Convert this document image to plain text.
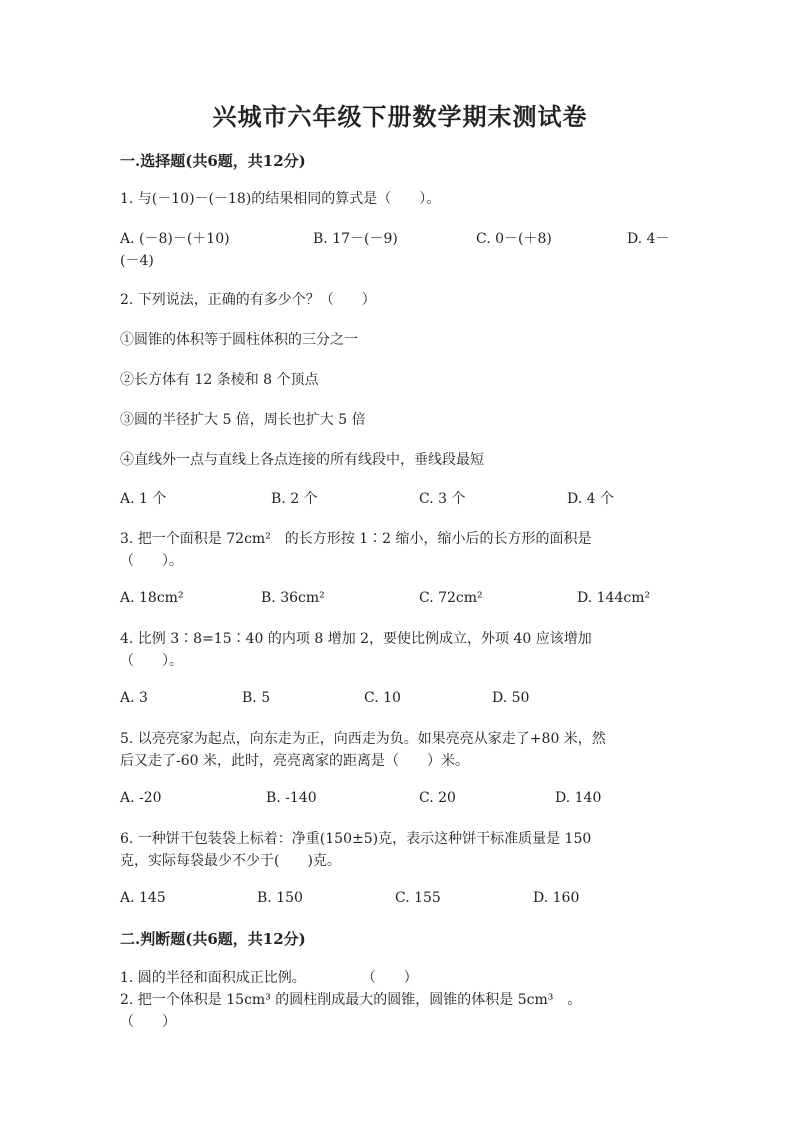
兴城市六年级下册数学期末测试卷
一.选择题(共6题，共12分)
1. 与(－10)－(－18)的结果相同的算式是（　　）。
A. (－8)－(＋10)	B. 17－(－9)	C. 0－(＋8)	D. 4－
(－4)
2. 下列说法，正确的有多少个？（　　）
①圆锥的体积等于圆柱体积的三分之一
②长方体有 12 条棱和 8 个顶点
③圆的半径扩大 5 倍，周长也扩大 5 倍
④直线外一点与直线上各点连接的所有线段中，垂线段最短
A. 1 个	B. 2 个	C. 3 个	D. 4 个
3. 把一个面积是 72cm²　的长方形按 1∶2 缩小，缩小后的长方形的面积是
（　　）。
A. 18cm²	B. 36cm²	C. 72cm²	D. 144cm²
4. 比例 3∶8=15∶40 的内项 8 增加 2，要使比例成立，外项 40 应该增加
（　　）。
A. 3	B. 5	C. 10	D. 50
5. 以亮亮家为起点，向东走为正，向西走为负。如果亮亮从家走了+80 米，然
后又走了-60 米，此时，亮亮离家的距离是（　　）米。
A. -20	B. -140	C. 20	D. 140
6. 一种饼干包装袋上标着：净重(150±5)克，表示这种饼干标准质量是 150
克，实际每袋最少不少于(　　)克。
A. 145	B. 150	C. 155	D. 160
二.判断题(共6题，共12分)
1. 圆的半径和面积成正比例。　　　　　（　　）
2. 把一个体积是 15cm³ 的圆柱削成最大的圆锥，圆锥的体积是 5cm³　。
（　　）
